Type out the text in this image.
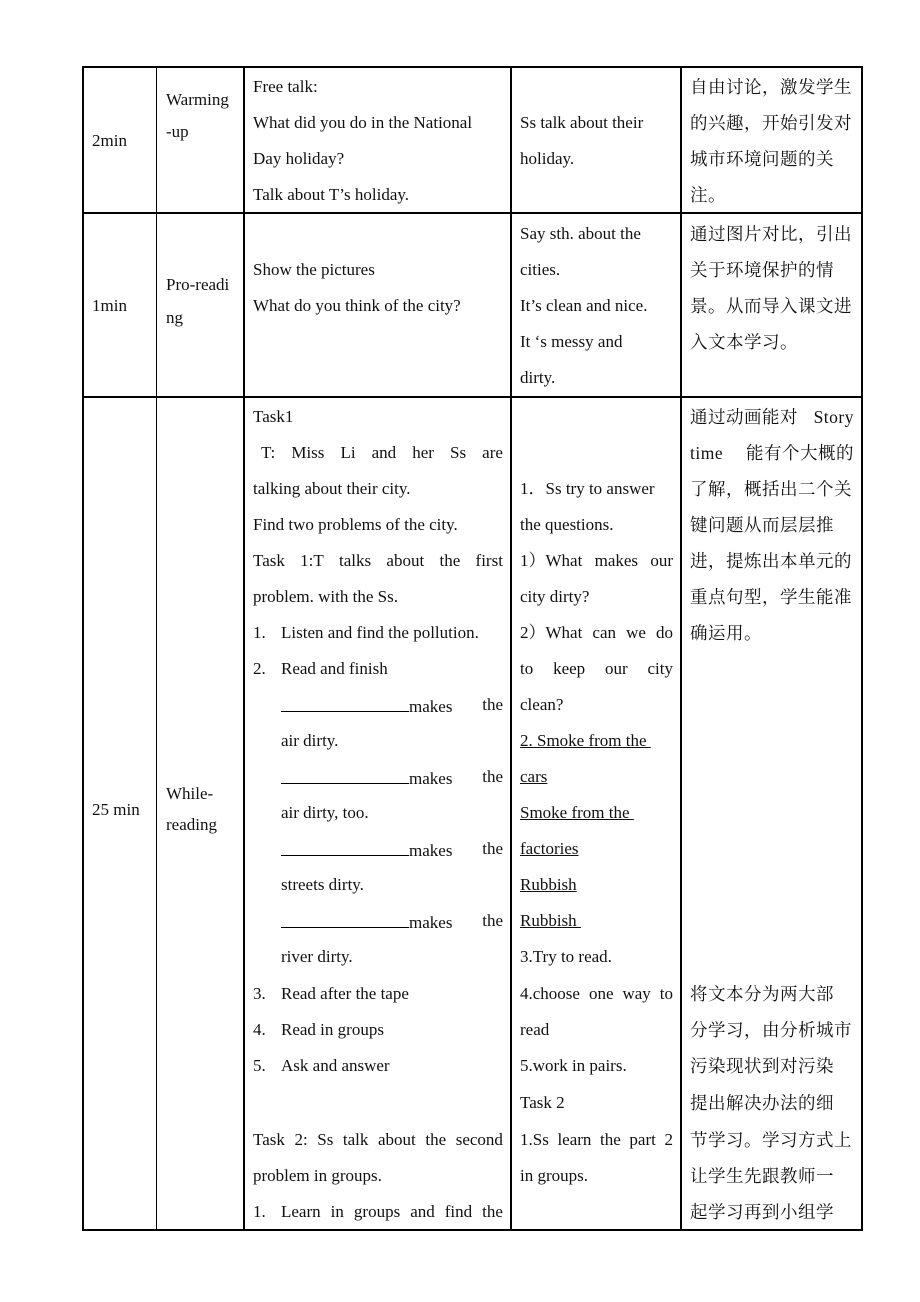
2min
Warming
-up
Free talk:
What did you do in the National
Day holiday?
Talk about T’s holiday.
Ss talk about their
holiday.
自由讨论，激发学生
的兴趣，开始引发对
城市环境问题的关
注。
1min
Pro-readi
ng
Show the pictures
What do you think of the city?
Say sth. about the
cities.
It’s clean and nice.
It ‘s messy and
dirty.
通过图片对比，引出
关于环境保护的情
景。从而导入课文进
入文本学习。
25 min
While-
reading
Task1
T: Miss Li and her Ss are
talking about their city.
Find two problems of the city.
Task 1:T talks about the first
problem. with the Ss.
1. Listen and find the pollution.
2. Read and finish
makes the
air dirty.
makes the
air dirty, too.
makes the
streets dirty.
makes the
river dirty.
3. Read after the tape
4. Read in groups
5. Ask and answer
Task 2: Ss talk about the second
problem in groups.
1. Learn in groups and find the
1．Ss try to answer
the questions.
1）What makes our
city dirty?
2）What can we do
to keep our city
clean?
2. Smoke from the
cars
Smoke from the
factories
Rubbish
Rubbish
3.Try to read.
4.choose one way to
read
5.work in pairs.
Task 2
1.Ss learn the part 2
in groups.
通过动画能对 Story
time 能有个大概的
了解，概括出二个关
键问题从而层层推
进，提炼出本单元的
重点句型，学生能准
确运用。
将文本分为两大部
分学习，由分析城市
污染现状到对污染
提出解决办法的细
节学习。学习方式上
让学生先跟教师一
起学习再到小组学
